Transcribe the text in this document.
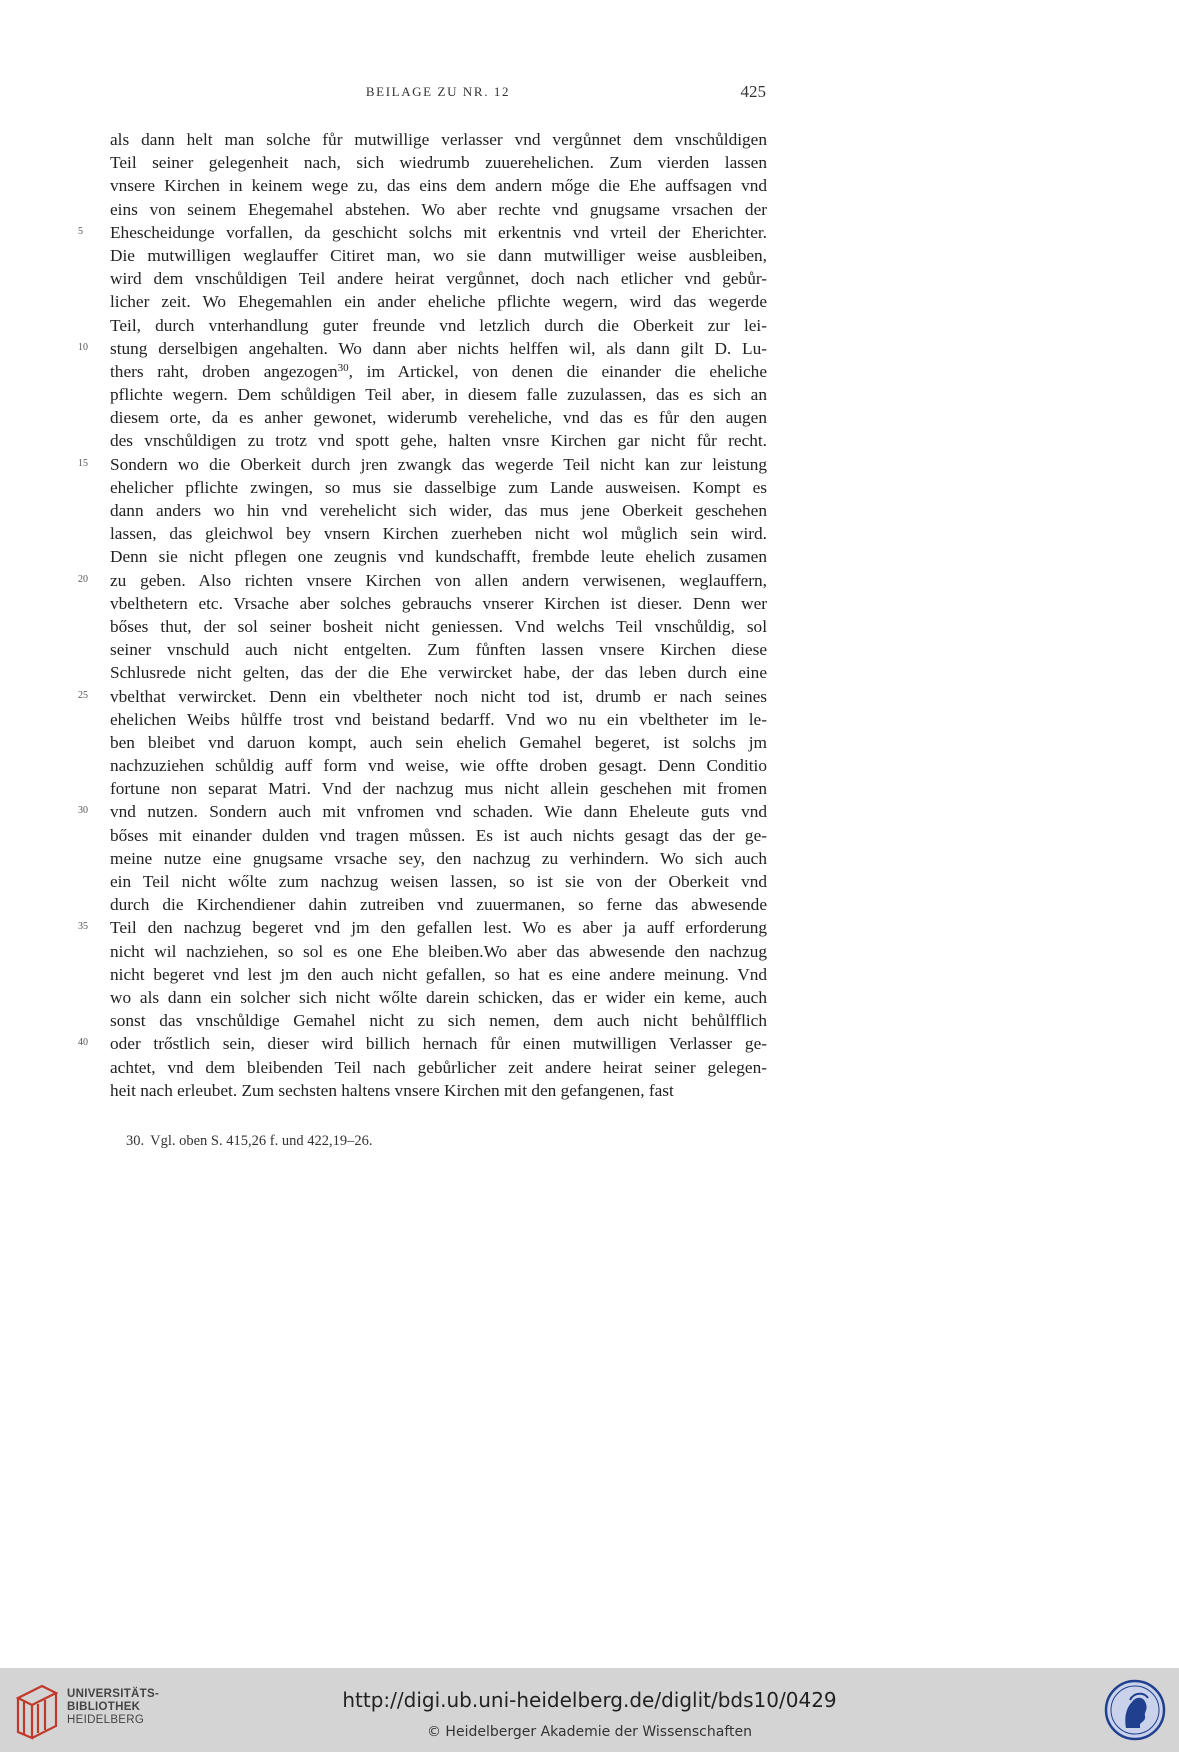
BEILAGE ZU NR. 12	425
als dann helt man solche fůr mutwillige verlasser vnd vergůnnet dem vnschůldigen
Teil seiner gelegenheit nach, sich wiedrumb zuuerehelichen. Zum vierden lassen
vnsere Kirchen in keinem wege zu, das eins dem andern mőge die Ehe auffsagen vnd
eins von seinem Ehegemahel abstehen. Wo aber rechte vnd gnugsame vrsachen der
5 Ehescheidunge vorfallen, da geschicht solchs mit erkentnis vnd vrteil der Eherichter.
Die mutwilligen weglauffer Citiret man, wo sie dann mutwilliger weise ausbleiben,
wird dem vnschůldigen Teil andere heirat vergůnnet, doch nach etlicher vnd gebůr-
licher zeit. Wo Ehegemahlen ein ander eheliche pflichte wegern, wird das wegerde
Teil, durch vnterhandlung guter freunde vnd letzlich durch die Oberkeit zur lei-
10 stung derselbigen angehalten. Wo dann aber nichts helffen wil, als dann gilt D. Lu-
thers raht, droben angezogen$^{30}$, im Artickel, von denen die einander die eheliche
pflichte wegern. Dem schůldigen Teil aber, in diesem falle zuzulassen, das es sich an
diesem orte, da es anher gewonet, widerumb vereheliche, vnd das es fůr den augen
des vnschůldigen zu trotz vnd spott gehe, halten vnsre Kirchen gar nicht fůr recht.
15 Sondern wo die Oberkeit durch jren zwangk das wegerde Teil nicht kan zur leistung
ehelicher pflichte zwingen, so mus sie dasselbige zum Lande ausweisen. Kompt es
dann anders wo hin vnd verehelicht sich wider, das mus jene Oberkeit geschehen
lassen, das gleichwol bey vnsern Kirchen zuerheben nicht wol můglich sein wird.
Denn sie nicht pflegen one zeugnis vnd kundschafft, frembde leute ehelich zusamen
20 zu geben. Also richten vnsere Kirchen von allen andern verwisenen, weglauffern,
vbelthetern etc. Vrsache aber solches gebrauchs vnserer Kirchen ist dieser. Denn wer
bőses thut, der sol seiner bosheit nicht geniessen. Vnd welchs Teil vnschůldig, sol
seiner vnschuld auch nicht entgelten. Zum fůnften lassen vnsere Kirchen diese
Schlusrede nicht gelten, das der die Ehe verwircket habe, der das leben durch eine
25 vbelthat verwircket. Denn ein vbeltheter noch nicht tod ist, drumb er nach seines
ehelichen Weibs hůlffe trost vnd beistand bedarff. Vnd wo nu ein vbeltheter im le-
ben bleibet vnd daruon kompt, auch sein ehelich Gemahel begeret, ist solchs jm
nachzuziehen schůldig auff form vnd weise, wie offte droben gesagt. Denn Conditio
fortune non separat Matri. Vnd der nachzug mus nicht allein geschehen mit fromen
30 vnd nutzen. Sondern auch mit vnfromen vnd schaden. Wie dann Eheleute guts vnd
bőses mit einander dulden vnd tragen můssen. Es ist auch nichts gesagt das der ge-
meine nutze eine gnugsame vrsache sey, den nachzug zu verhindern. Wo sich auch
ein Teil nicht wőlte zum nachzug weisen lassen, so ist sie von der Oberkeit vnd
durch die Kirchendiener dahin zutreiben vnd zuuermanen, so ferne das abwesende
35 Teil den nachzug begeret vnd jm den gefallen lest. Wo es aber ja auff erforderung
nicht wil nachziehen, so sol es one Ehe bleiben.Wo aber das abwesende den nachzug
nicht begeret vnd lest jm den auch nicht gefallen, so hat es eine andere meinung. Vnd
wo als dann ein solcher sich nicht wőlte darein schicken, das er wider ein keme, auch
sonst das vnschůldige Gemahel nicht zu sich nemen, dem auch nicht behůlfflich
40 oder trőstlich sein, dieser wird billich hernach fůr einen mutwilligen Verlasser ge-
achtet, vnd dem bleibenden Teil nach gebůrlicher zeit andere heirat seiner gelegen-
heit nach erleubet. Zum sechsten haltens vnsere Kirchen mit den gefangenen, fast
30. Vgl. oben S. 415,26 f. und 422,19–26.
UNIVERSITÄTS-
BIBLIOTHEK
HEIDELBERG
http://digi.ub.uni-heidelberg.de/diglit/bds10/0429
© Heidelberger Akademie der Wissenschaften
